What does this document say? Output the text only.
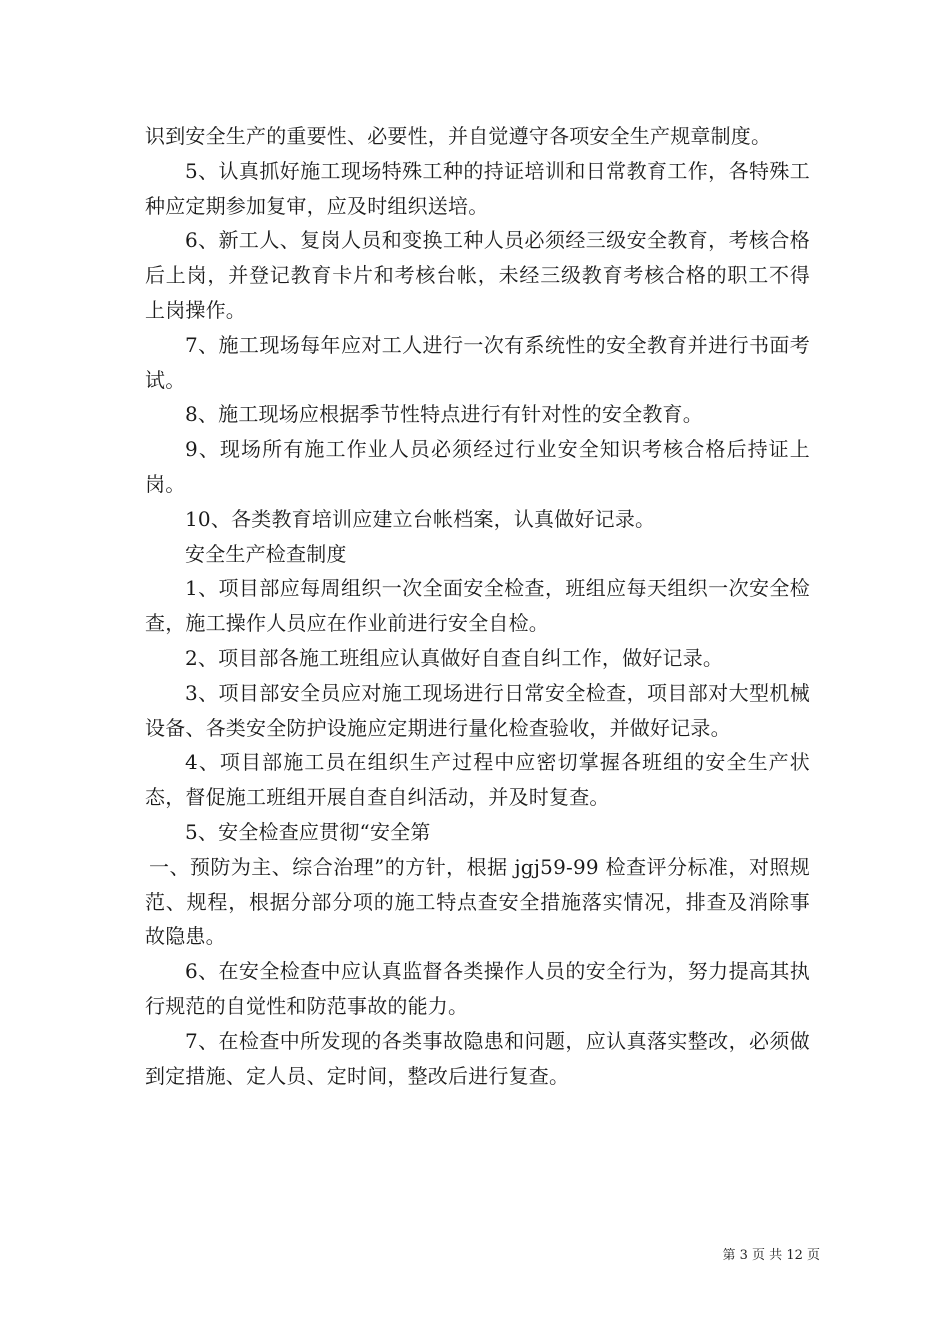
识到安全生产的重要性、必要性，并自觉遵守各项安全生产规章制度。

5、认真抓好施工现场特殊工种的持证培训和日常教育工作，各特殊工种应定期参加复审，应及时组织送培。

6、新工人、复岗人员和变换工种人员必须经三级安全教育，考核合格后上岗，并登记教育卡片和考核台帐，未经三级教育考核合格的职工不得上岗操作。

7、施工现场每年应对工人进行一次有系统性的安全教育并进行书面考试。

8、施工现场应根据季节性特点进行有针对性的安全教育。

9、现场所有施工作业人员必须经过行业安全知识考核合格后持证上岗。

10、各类教育培训应建立台帐档案，认真做好记录。

安全生产检查制度

1、项目部应每周组织一次全面安全检查，班组应每天组织一次安全检查，施工操作人员应在作业前进行安全自检。

2、项目部各施工班组应认真做好自查自纠工作，做好记录。

3、项目部安全员应对施工现场进行日常安全检查，项目部对大型机械设备、各类安全防护设施应定期进行量化检查验收，并做好记录。

4、项目部施工员在组织生产过程中应密切掌握各班组的安全生产状态，督促施工班组开展自查自纠活动，并及时复查。

5、安全检查应贯彻“安全第

一、预防为主、综合治理”的方针，根据 jgj59-99 检查评分标准，对照规范、规程，根据分部分项的施工特点查安全措施落实情况，排查及消除事故隐患。

6、在安全检查中应认真监督各类操作人员的安全行为，努力提高其执行规范的自觉性和防范事故的能力。

7、在检查中所发现的各类事故隐患和问题，应认真落实整改，必须做到定措施、定人员、定时间，整改后进行复查。

第 3 页 共 12 页
